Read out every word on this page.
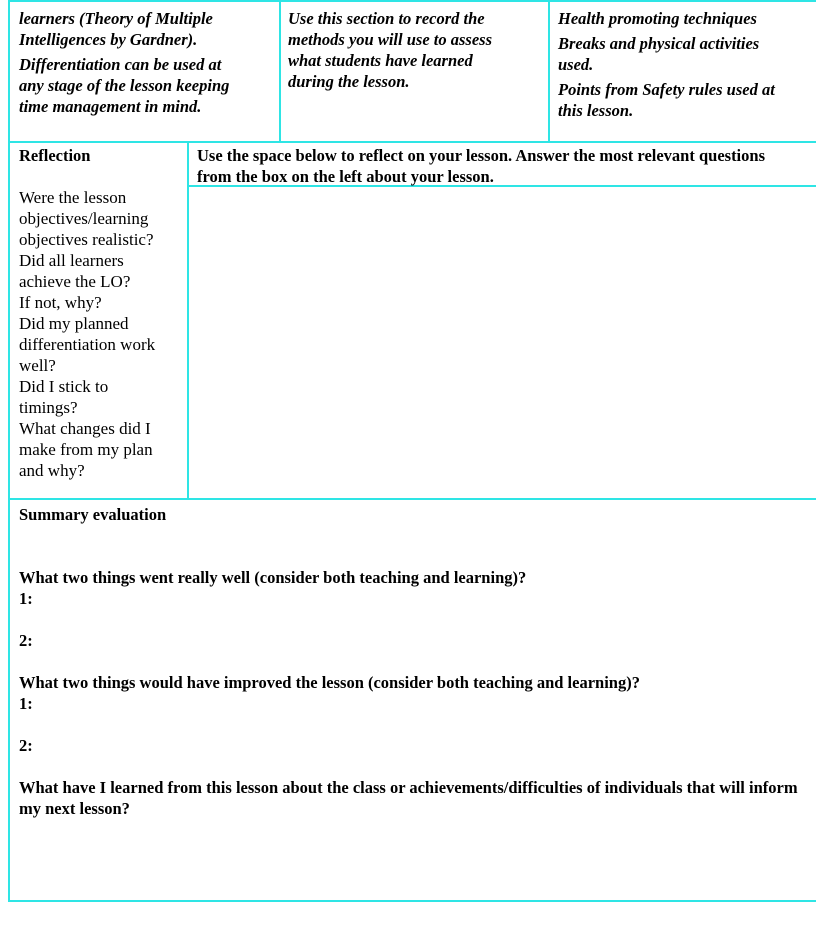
learners (Theory of Multiple
Intelligences by Gardner).

Differentiation can be used at
any stage of the lesson keeping
time management in mind.

Use this section to record the
methods you will use to assess
what students have learned
during the lesson.

Health promoting techniques

Breaks and physical activities
used.

Points from Safety rules used at
this lesson.

Reflection

Were the lesson
objectives/learning
objectives realistic?
Did all learners
achieve the LO?
If not, why?
Did my planned
differentiation work
well?
Did I stick to
timings?
What changes did I
make from my plan
and why?

Use the space below to reflect on your lesson. Answer the most relevant questions from the box on the left about your lesson.

Summary evaluation

What two things went really well (consider both teaching and learning)?

1:

2:

What two things would have improved the lesson (consider both teaching and learning)?

1:

2:

What have I learned from this lesson about the class or achievements/difficulties of individuals that will inform my next lesson?
